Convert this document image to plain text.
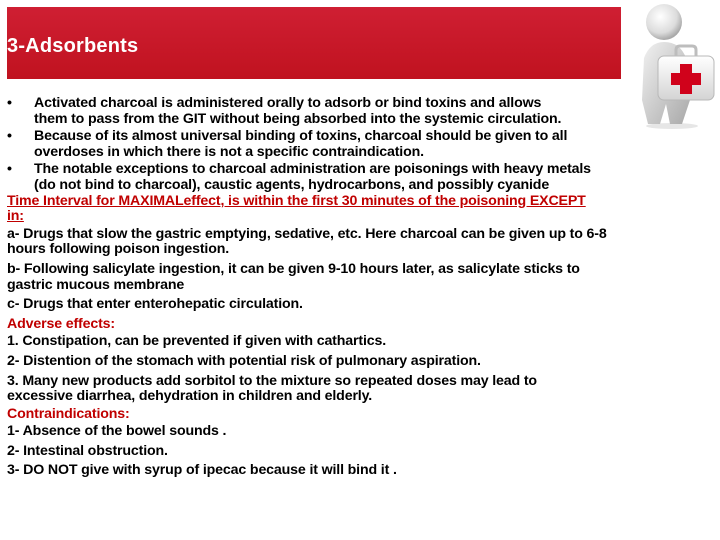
3-Adsorbents
• Activated charcoal is administered orally to adsorb or bind toxins and allows
them to pass from the GIT without being absorbed into the systemic circulation.
• Because of its almost universal binding of toxins, charcoal should be given to all
overdoses in which there is not a specific contraindication.
• The notable exceptions to charcoal administration are poisonings with heavy metals
(do not bind to charcoal), caustic agents, hydrocarbons, and possibly cyanide
Time Interval for MAXIMALeffect, is within the first 30 minutes of the poisoning EXCEPT
in:
a- Drugs that slow the gastric emptying, sedative, etc. Here charcoal can be given up to 6-8
hours following poison ingestion.
b- Following salicylate ingestion, it can be given 9-10 hours later, as salicylate sticks to
gastric mucous membrane
c- Drugs that enter enterohepatic circulation.
Adverse effects:
1. Constipation, can be prevented if given with cathartics.
2- Distention of the stomach with potential risk of pulmonary aspiration.
3. Many new products add sorbitol to the mixture so repeated doses may lead to
excessive diarrhea, dehydration in children and elderly.
Contraindications:
1- Absence of the bowel sounds .
2- Intestinal obstruction.
3- DO NOT give with syrup of ipecac because it will bind it .
